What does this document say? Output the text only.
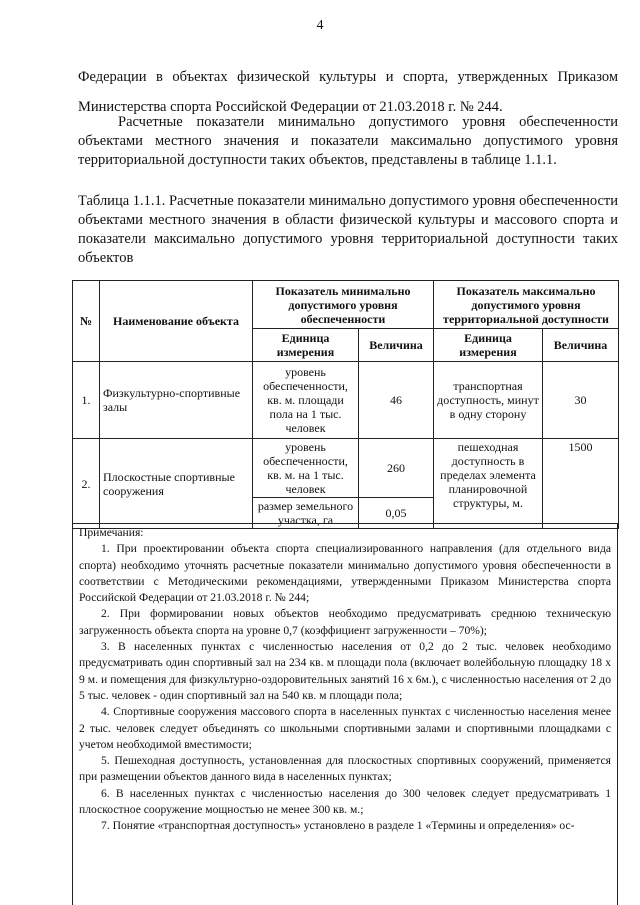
4
Федерации в объектах физической культуры и спорта, утвержденных Приказом Министерства спорта Российской Федерации от 21.03.2018 г. № 244.
Расчетные показатели минимально допустимого уровня обеспеченности объектами местного значения и показатели максимально допустимого уровня территориальной доступности таких объектов, представлены в таблице 1.1.1.
Таблица 1.1.1. Расчетные показатели минимально допустимого уровня обеспеченности объектами местного значения в области физической культуры и массового спорта и показатели максимально допустимого уровня территориальной доступности таких объектов
№	Наименование объекта	Показатель минимально допустимого уровня обеспеченности		Показатель максимально допустимого уровня территориальной доступности	
		Единица измерения	Величина	Единица измерения	Величина
1.	Физкультурно-спортивные залы	уровень обеспеченности, кв. м. площади пола на 1 тыс. человек	46	транспортная доступность, минут в одну сторону	30
2.	Плоскостные спортивные сооружения	уровень обеспеченности, кв. м. на 1 тыс. человек	260	пешеходная доступность в пределах элемента планировочной структуры, м.	1500
		размер земельного участка, га	0,05		

Примечания:

1. При проектировании объекта спорта специализированного направления (для отдельного вида спорта) необходимо уточнять расчетные показатели минимально допустимого уровня обеспеченности в соответствии с Методическими рекомендациями, утвержденными Приказом Министерства спорта Российской Федерации от 21.03.2018 г. № 244;

2. При формировании новых объектов необходимо предусматривать среднюю техническую загруженность объекта спорта на уровне 0,7 (коэффициент загруженности – 70%);

3. В населенных пунктах с численностью населения от 0,2 до 2 тыс. человек необходимо предусматривать один спортивный зал на 234 кв. м площади пола (включает волейбольную площадку 18 х 9 м. и помещения для физкультурно-оздоровительных занятий 16 х 6м.), с численностью населения от 2 до 5 тыс. человек - один спортивный зал на 540 кв. м площади пола;

4. Спортивные сооружения массового спорта в населенных пунктах с численностью населения менее 2 тыс. человек следует объединять со школьными спортивными залами и спортивными площадками с учетом необходимой вместимости;

5. Пешеходная доступность, установленная для плоскостных спортивных сооружений, применяется при размещении объектов данного вида в населенных пунктах;

6. В населенных пунктах с численностью населения до 300 человек следует предусматривать 1 плоскостное сооружение мощностью не менее 300 кв. м.;

7. Понятие «транспортная доступность» установлено в разделе 1 «Термины и определения» ос-
